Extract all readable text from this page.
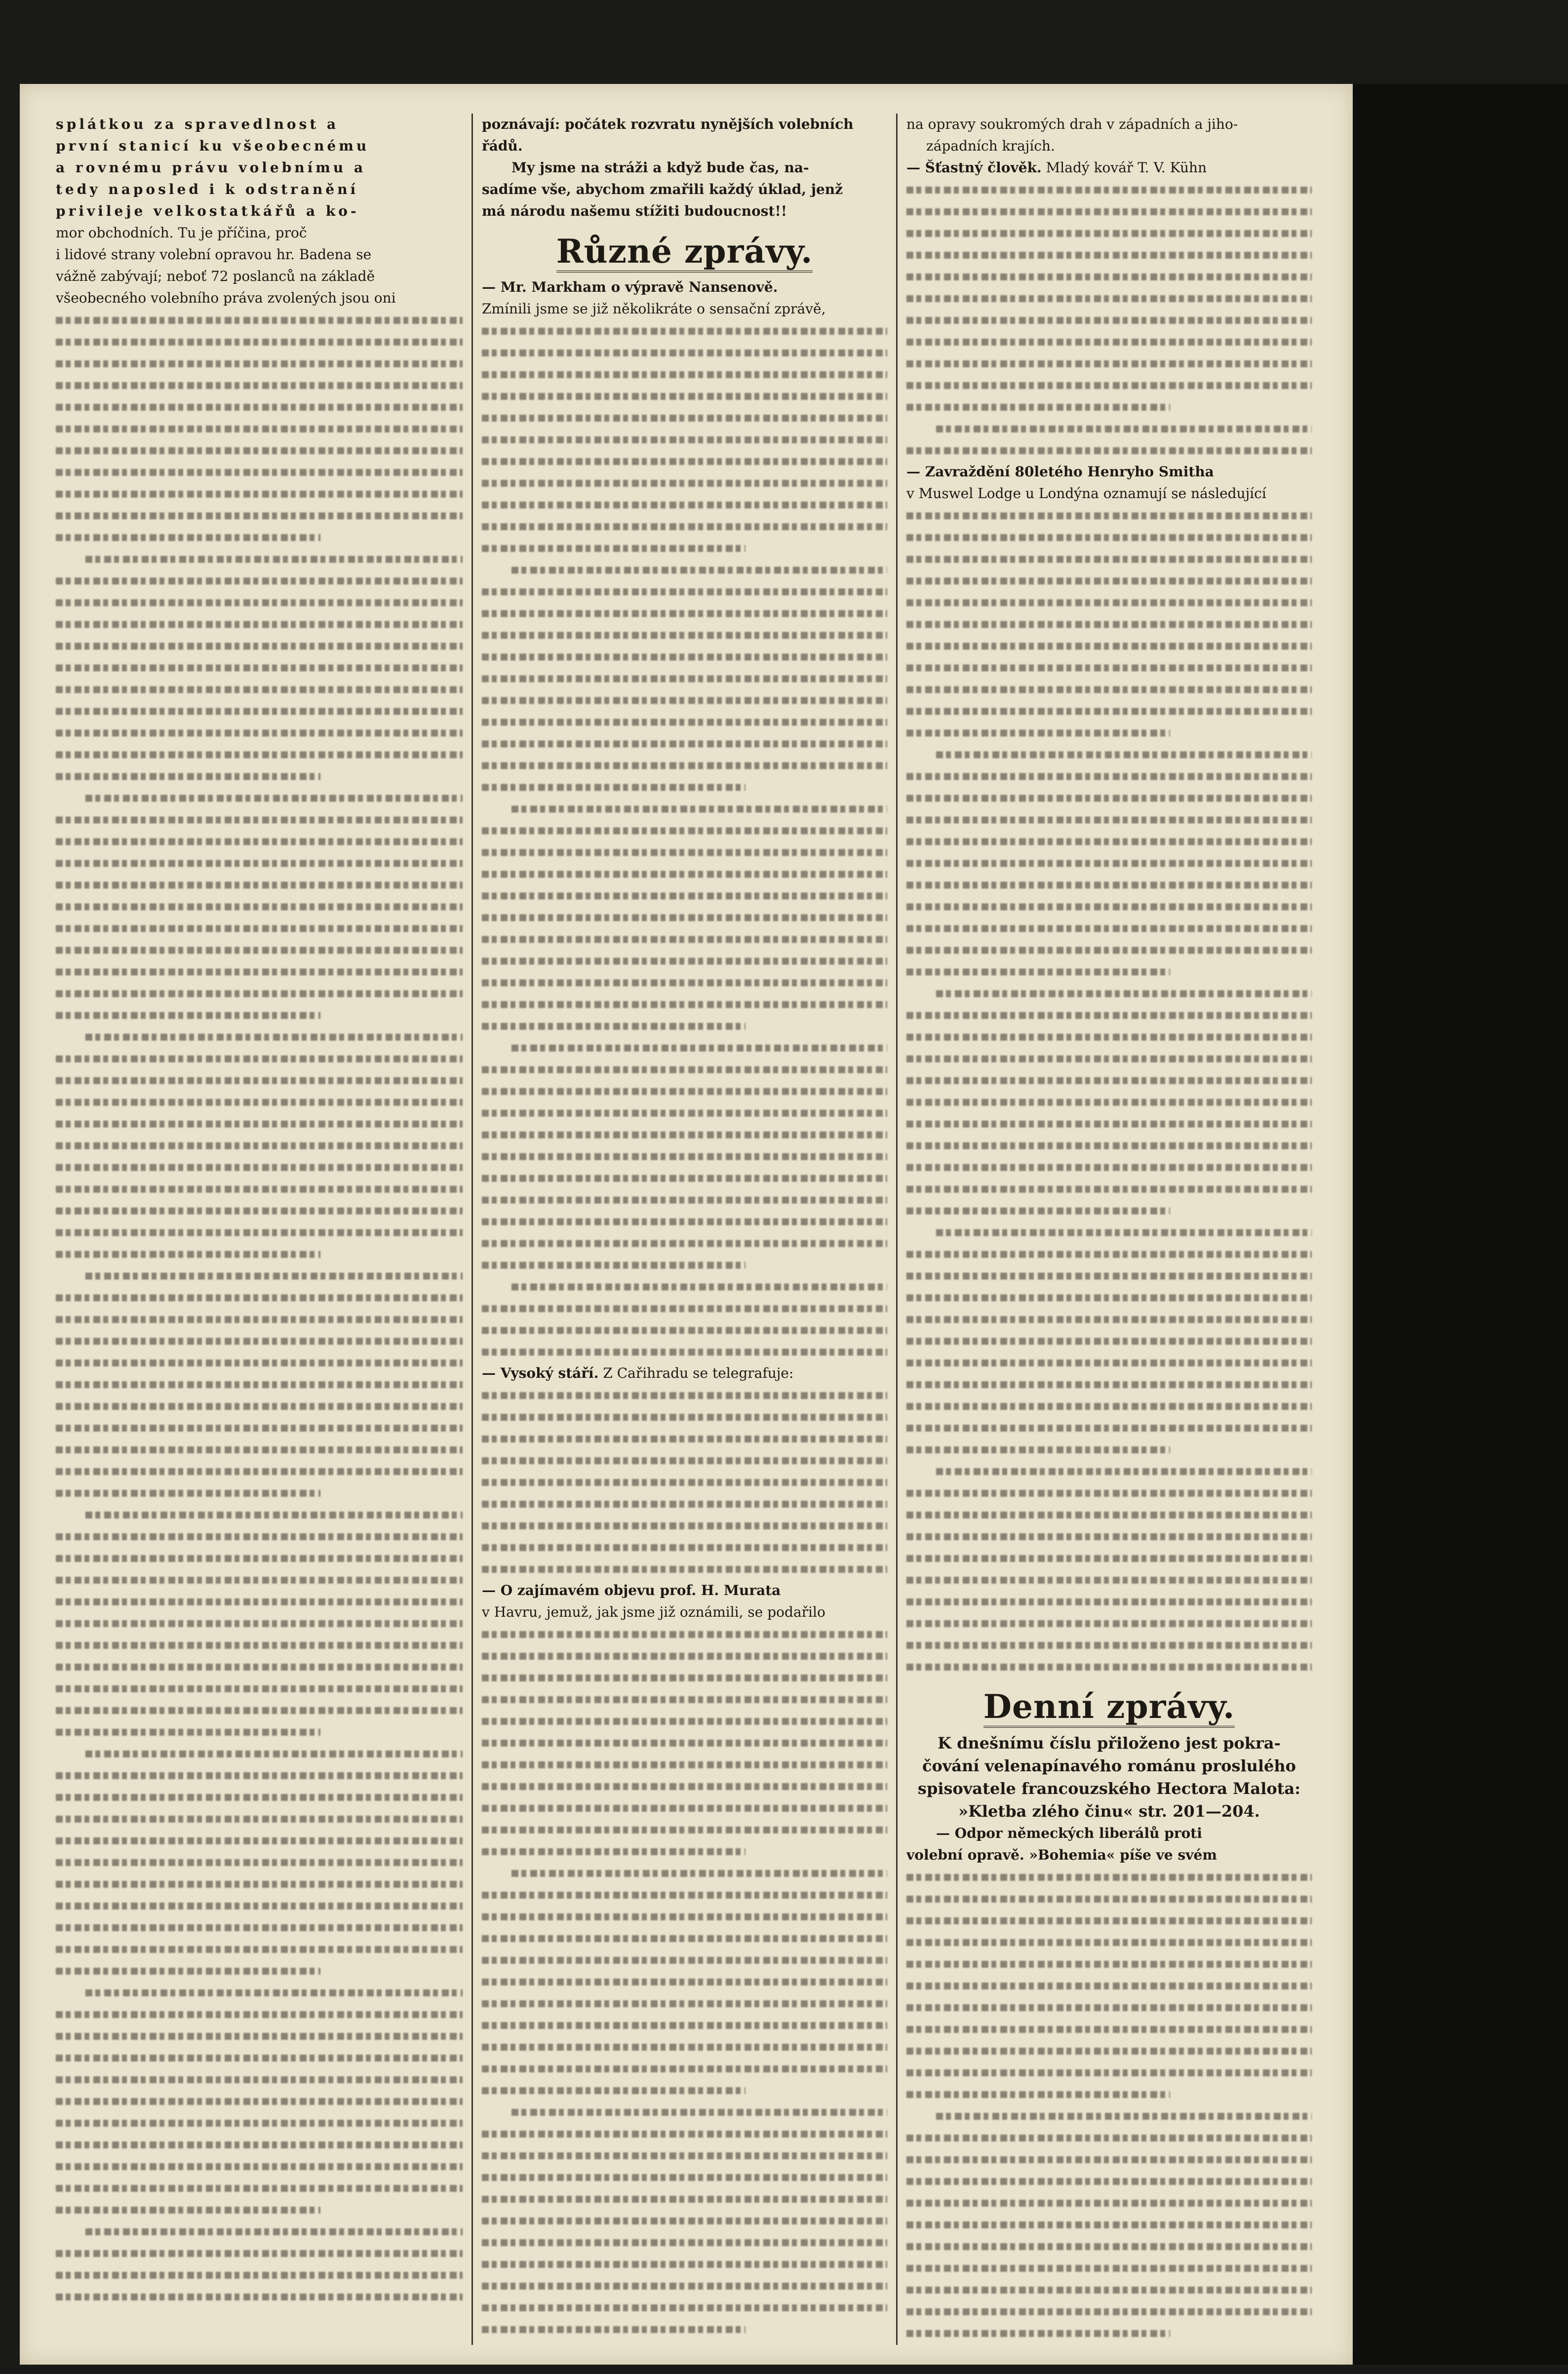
splátkou za spravedlnost a
první stanicí ku všeobecnému
a rovnému právu volebnímu a
tedy naposled i k odstranění
privileje velkostatkářů a ko-
mor obchodních. Tu je příčina, proč
i lidové strany volební opravou hr. Badena se
vážně zabývají; neboť 72 poslanců na základě
všeobecného volebního práva zvolených jsou oni
poznávají: počátek rozvratu nynějších volebních
řádů.
My jsme na stráži a když bude čas, na-
sadíme vše, abychom zmařili každý úklad, jenž
má národu našemu stížiti budoucnost!!
Různé zprávy.
— Mr. Markham o výpravě Nansenově.
Zmínili jsme se již několikráte o sensační zprávě,
— Vysoký stáří. Z Cařihradu se telegrafuje:
— O zajímavém objevu prof. H. Murata
v Havru, jemuž, jak jsme již oznámili, se podařilo
na opravy soukromých drah v západních a jiho-
západních krajích.
— Šťastný člověk. Mladý kovář T. V. Kühn
— Zavraždění 80letého Henryho Smitha
v Muswel Lodge u Londýna oznamují se následující
Denní zprávy.
K dnešnímu číslu přiloženo jest pokra-
čování velenapínavého románu proslulého
spisovatele francouzského Hectora Malota:
»Kletba zlého činu« str. 201—204.
— Odpor německých liberálů proti
volební opravě. »Bohemia« píše ve svém
